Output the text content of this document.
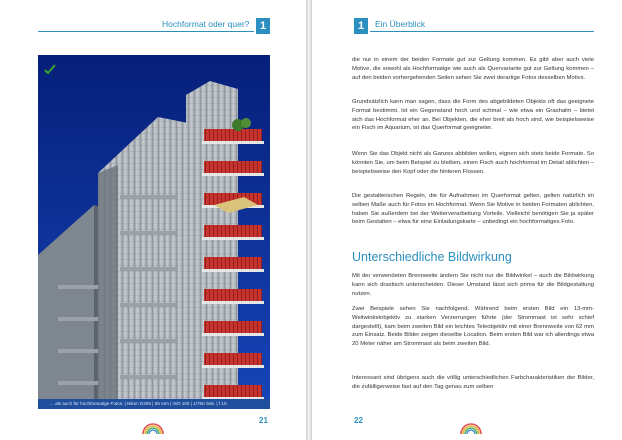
Hochformat oder quer? 1
... als auch für hochformatige Fotos. | Nikon D200 | 95 mm | ISO 100 | 1/750 Sek. | f 10
21
1	Ein Überblick

die nur in einem der beiden Formate gut zur Geltung kommen. Es gibt aber auch viele Motive, die sowohl als Hochformatige wie auch als Quervariante gut zur Geltung kommen – auf den beiden vorhergehenden Seiten sehen Sie zwei derartige Fotos desselben Motivs.

Grundsätzlich kann man sagen, dass die Form des abgebildeten Objekts oft das geeignete Format bestimmt. Ist ein Gegenstand hoch und schmal – wie etwa ein Grashalm – bietet sich das Hochformat eher an. Bei Objekten, die eher breit als hoch sind, wie beispielsweise ein Fisch im Aquarium, ist das Querformat geeigneter.

Wenn Sie das Objekt nicht als Ganzes abbilden wollen, eignen sich stets beide Formate. So könnten Sie, um beim Beispiel zu bleiben, einen Fisch auch hochformat im Detail ablichten – beispielsweise den Kopf oder die hinteren Flossen.

Die gestalterischen Regeln, die für Aufnahmen im Querformat gelten, gelten natürlich im selben Maße auch für Fotos im Hochformat. Wenn Sie Motive in beiden Formaten ablichten, haben Sie außerdem bei der Weiterverarbeitung Vorteile. Vielleicht benötigen Sie ja später beim Gestalten – etwa für eine Einladungskarte – unbedingt ein hochformatiges Foto.

Unterschiedliche Bildwirkung

Mit der verwendeten Brennweite ändern Sie nicht nur die Bildwinkel – auch die Bildwirkung kann sich drastisch unterscheiden. Dieser Umstand lässt sich prima für die Bildgestaltung nutzen.

Zwei Beispiele sehen Sie nachfolgend. Während beim ersten Bild ein 13-mm-Weitwinkelobjektiv zu starken Verzerrungen führte (der Strommast ist sehr schief dargestellt), kam beim zweiten Bild ein leichtes Teleobjektiv mit einer Brennweite von 62 mm zum Einsatz. Beide Bilder zeigen dieselbe Location. Beim ersten Bild war ich allerdings etwa 20 Meter näher am Strommast als beim zweiten Bild.

Interessant sind übrigens auch die völlig unterschiedlichen Farbcharakteristiken der Bilder, die zufälligerweise fast auf den Tag genau zum selben

22
